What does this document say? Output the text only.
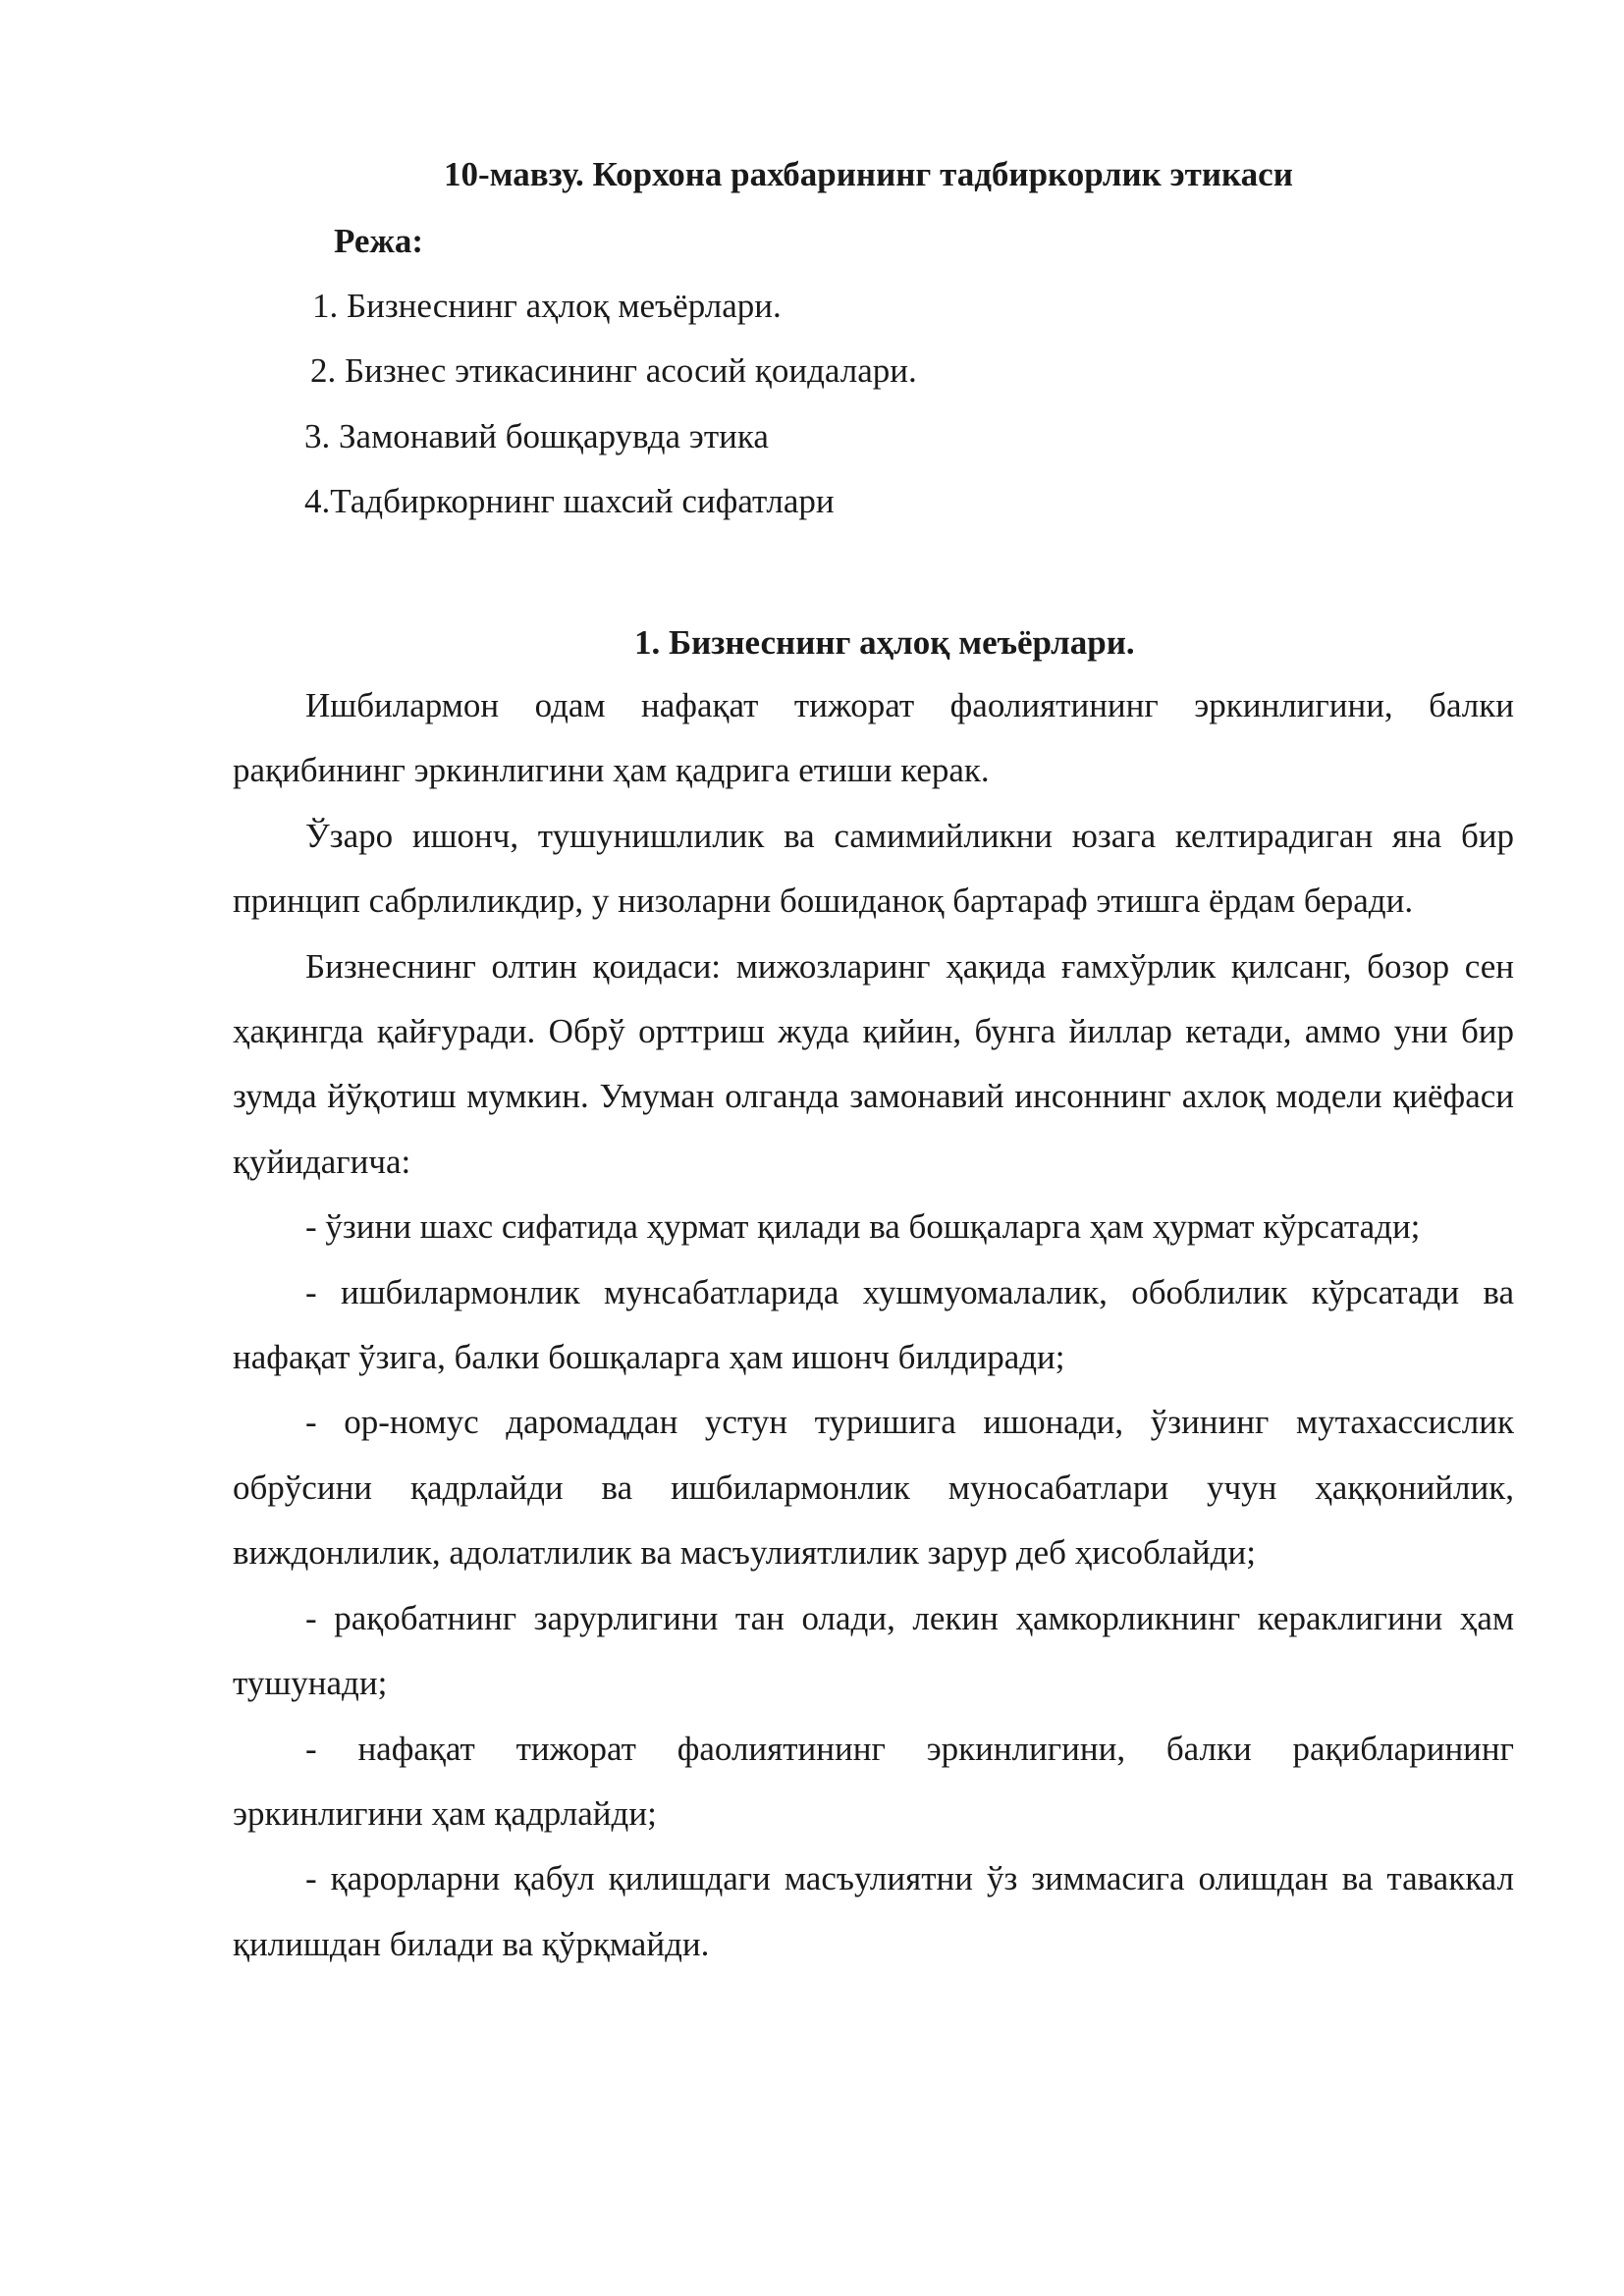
10-мавзу. Корхона рахбарининг тадбиркорлик этикаси
Режа:
1. Бизнеснинг аҳлоқ меъёрлари.
2. Бизнес этикасининг асосий қоидалари.
3. Замонавий бошқарувда этика
4.Тадбиркорнинг шахсий сифатлари
1. Бизнеснинг аҳлоқ меъёрлари.

Ишбилармон одам нафақат тижорат фаолиятининг эркинлигини, балки рақибининг эркинлигини ҳам қадрига етиши керак.

Ўзаро ишонч, тушунишлилик ва самимийликни юзага келтирадиган яна бир принцип сабрлиликдир, у низоларни бошиданоқ бартараф этишга ёрдам беради.

Бизнеснинг олтин қоидаси: мижозларинг ҳақида ғамхўрлик қилсанг, бозор сен ҳақингда қайғуради. Обрў орттриш жуда қийин, бунга йиллар кетади, аммо уни бир зумда йўқотиш мумкин. Умуман олганда замонавий инсоннинг ахлоқ модели қиёфаси қуйидагича:

- ўзини шахс сифатида ҳурмат қилади ва бошқаларга ҳам ҳурмат кўрсатади;

- ишбилармонлик мунсабатларида хушмуомалалик, обоблилик кўрсатади ва нафақат ўзига, балки бошқаларга ҳам ишонч билдиради;

- ор-номус даромаддан устун туришига ишонади, ўзининг мутахассислик обрўсини қадрлайди ва ишбилармонлик муносабатлари учун ҳаққонийлик, виждонлилик, адолатлилик ва масъулиятлилик зарур деб ҳисоблайди;

- рақобатнинг зарурлигини тан олади, лекин ҳамкорликнинг кераклигини ҳам тушунади;

- нафақат тижорат фаолиятининг эркинлигини, балки рақибларининг эркинлигини ҳам қадрлайди;

- қарорларни қабул қилишдаги масъулиятни ўз зиммасига олишдан ва таваккал қилишдан билади ва қўрқмайди.
